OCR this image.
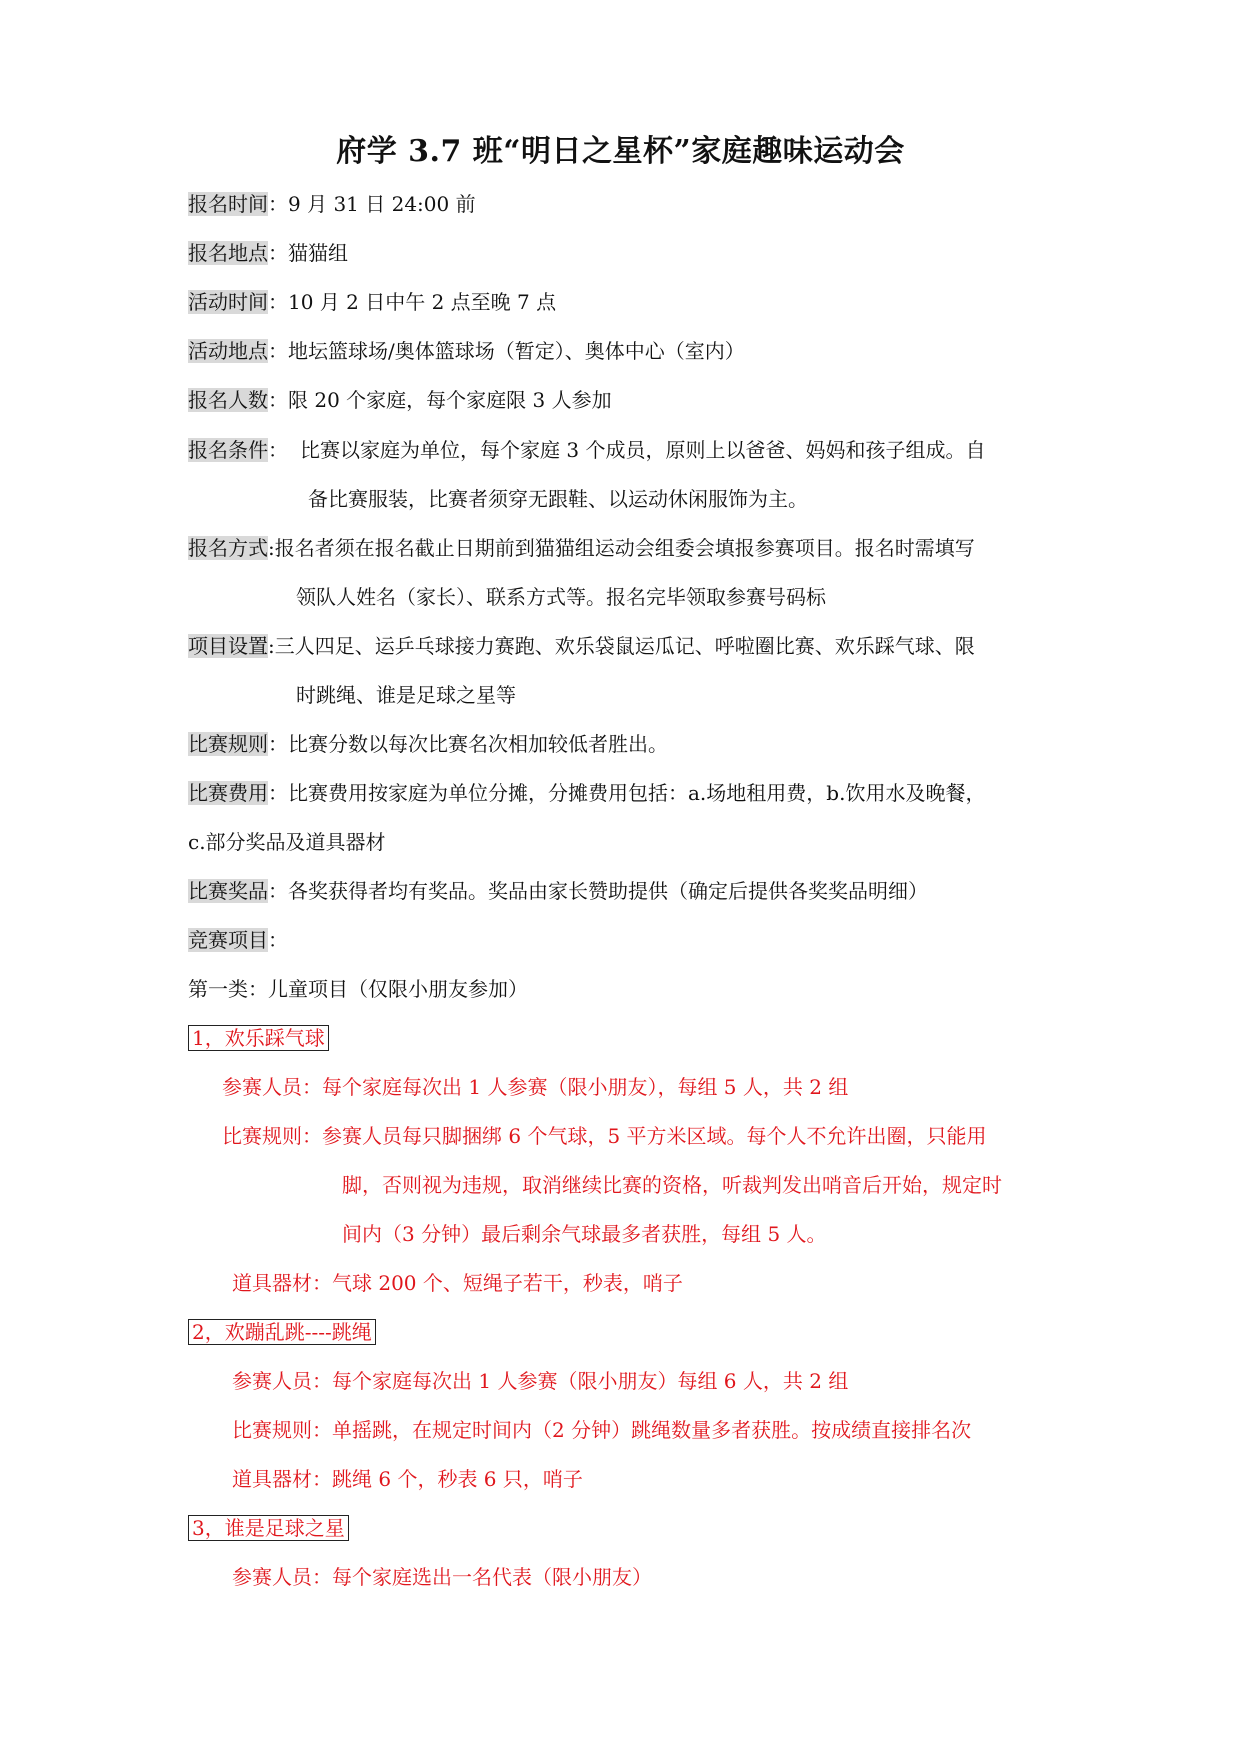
府学 3.7 班“明日之星杯”家庭趣味运动会
报名时间：9 月 31 日 24:00 前
报名地点：猫猫组
活动时间：10 月 2 日中午 2 点至晚 7 点
活动地点：地坛篮球场/奥体篮球场（暂定）、奥体中心（室内）
报名人数：限 20 个家庭，每个家庭限 3 人参加
报名条件： 比赛以家庭为单位，每个家庭 3 个成员，原则上以爸爸、妈妈和孩子组成。自
备比赛服装，比赛者须穿无跟鞋、以运动休闲服饰为主。
报名方式:报名者须在报名截止日期前到猫猫组运动会组委会填报参赛项目。报名时需填写
领队人姓名（家长）、联系方式等。报名完毕领取参赛号码标
项目设置:三人四足、运乒乓球接力赛跑、欢乐袋鼠运瓜记、呼啦圈比赛、欢乐踩气球、限
时跳绳、谁是足球之星等
比赛规则：比赛分数以每次比赛名次相加较低者胜出。
比赛费用：比赛费用按家庭为单位分摊，分摊费用包括：a.场地租用费，b.饮用水及晚餐，
c.部分奖品及道具器材
比赛奖品：各奖获得者均有奖品。奖品由家长赞助提供（确定后提供各奖奖品明细）
竞赛项目：
第一类：儿童项目（仅限小朋友参加）
1，欢乐踩气球
参赛人员：每个家庭每次出 1 人参赛（限小朋友），每组 5 人，共 2 组
比赛规则：参赛人员每只脚捆绑 6 个气球，5 平方米区域。每个人不允许出圈，只能用
脚，否则视为违规，取消继续比赛的资格，听裁判发出哨音后开始，规定时
间内（3 分钟）最后剩余气球最多者获胜，每组 5 人。
道具器材：气球 200 个、短绳子若干，秒表，哨子
2，欢蹦乱跳----跳绳
参赛人员：每个家庭每次出 1 人参赛（限小朋友）每组 6 人，共 2 组
比赛规则：单摇跳，在规定时间内（2 分钟）跳绳数量多者获胜。按成绩直接排名次
道具器材：跳绳 6 个，秒表 6 只，哨子
3，谁是足球之星
参赛人员：每个家庭选出一名代表（限小朋友）
